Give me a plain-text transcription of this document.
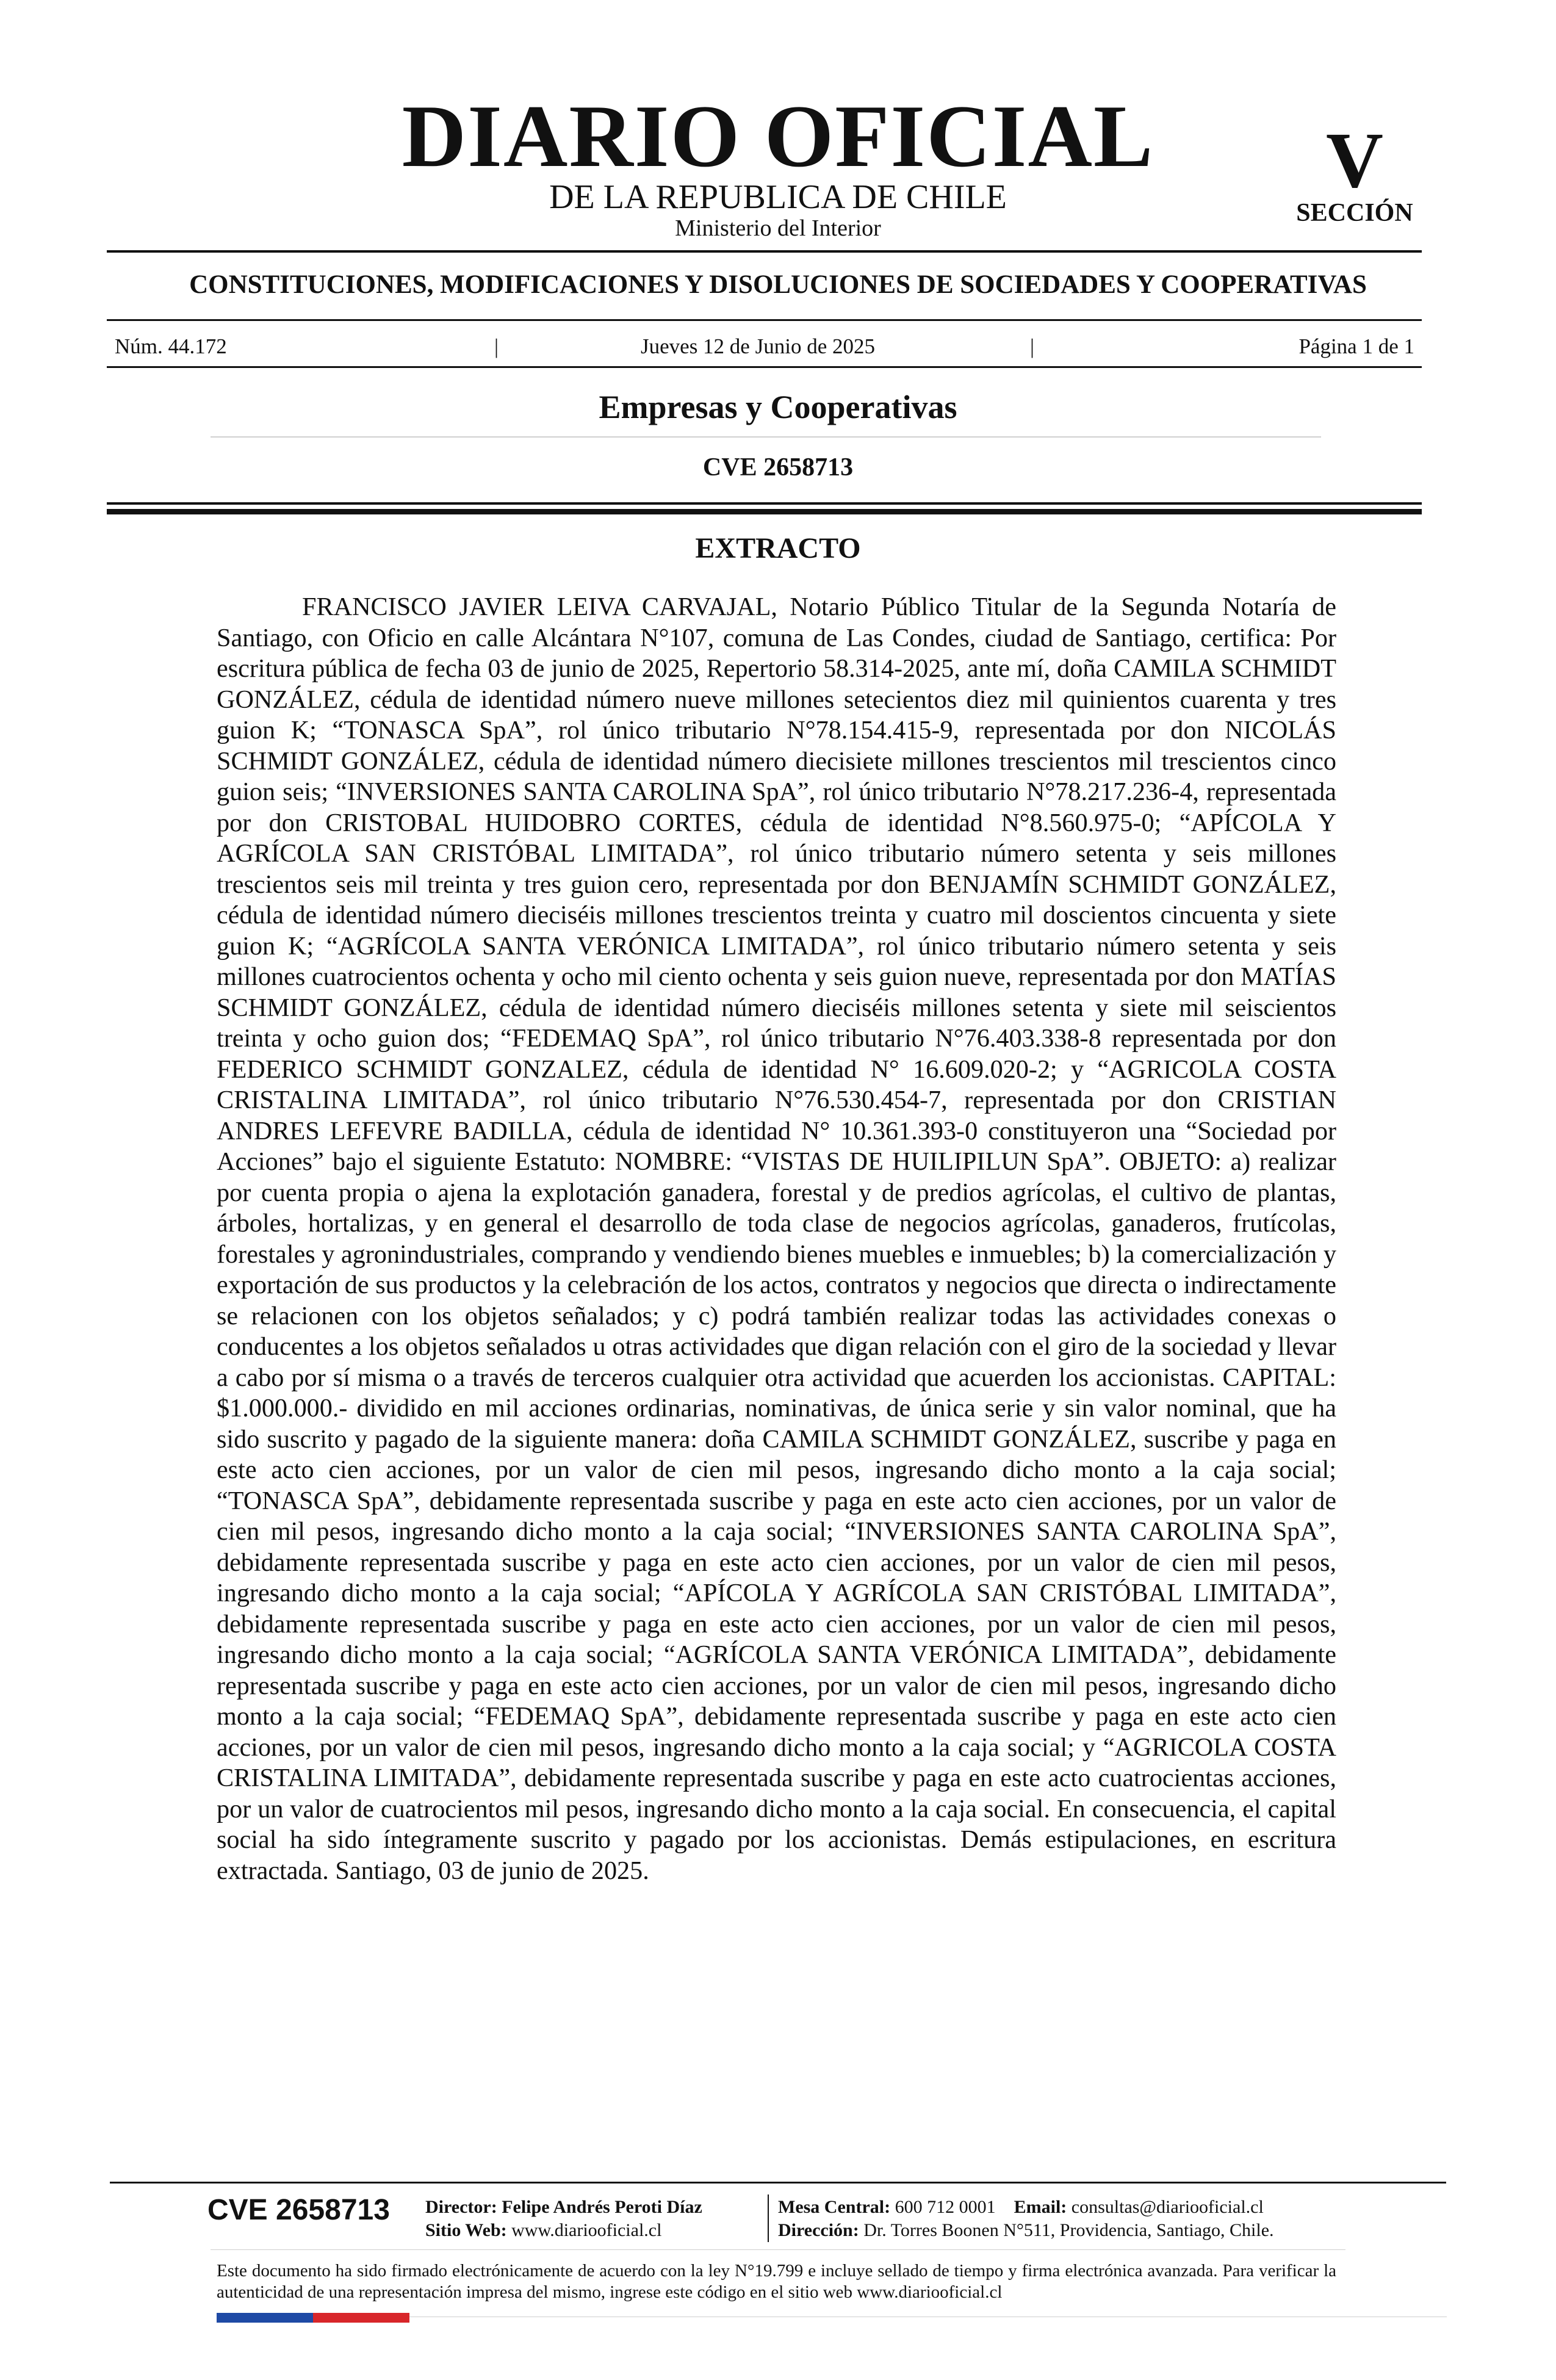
DIARIO OFICIAL
DE LA REPUBLICA DE CHILE
Ministerio del Interior
V
SECCIÓN
CONSTITUCIONES, MODIFICACIONES Y DISOLUCIONES DE SOCIEDADES Y COOPERATIVAS
Núm. 44.172	|	Jueves 12 de Junio de 2025	|	Página 1 de 1
Empresas y Cooperativas
CVE 2658713
EXTRACTO
FRANCISCO JAVIER LEIVA CARVAJAL, Notario Público Titular de la Segunda Notaría de Santiago, con Oficio en calle Alcántara N°107, comuna de Las Condes, ciudad de Santiago, certifica: Por escritura pública de fecha 03 de junio de 2025, Repertorio 58.314-2025, ante mí, doña CAMILA SCHMIDT GONZÁLEZ, cédula de identidad número nueve millones setecientos diez mil quinientos cuarenta y tres guion K; “TONASCA SpA”, rol único tributario N°78.154.415-9, representada por don NICOLÁS SCHMIDT GONZÁLEZ, cédula de identidad número diecisiete millones trescientos mil trescientos cinco guion seis; “INVERSIONES SANTA CAROLINA SpA”, rol único tributario N°78.217.236-4, representada por don CRISTOBAL HUIDOBRO CORTES, cédula de identidad N°8.560.975-0; “APÍCOLA Y AGRÍCOLA SAN CRISTÓBAL LIMITADA”, rol único tributario número setenta y seis millones trescientos seis mil treinta y tres guion cero, representada por don BENJAMÍN SCHMIDT GONZÁLEZ, cédula de identidad número dieciséis millones trescientos treinta y cuatro mil doscientos cincuenta y siete guion K; “AGRÍCOLA SANTA VERÓNICA LIMITADA”, rol único tributario número setenta y seis millones cuatrocientos ochenta y ocho mil ciento ochenta y seis guion nueve, representada por don MATÍAS SCHMIDT GONZÁLEZ, cédula de identidad número dieciséis millones setenta y siete mil seiscientos treinta y ocho guion dos; “FEDEMAQ SpA”, rol único tributario N°76.403.338-8 representada por don FEDERICO SCHMIDT GONZALEZ, cédula de identidad N° 16.609.020-2; y “AGRICOLA COSTA CRISTALINA LIMITADA”, rol único tributario N°76.530.454-7, representada por don CRISTIAN ANDRES LEFEVRE BADILLA, cédula de identidad N° 10.361.393-0 constituyeron una “Sociedad por Acciones” bajo el siguiente Estatuto: NOMBRE: “VISTAS DE HUILIPILUN SpA”. OBJETO: a) realizar por cuenta propia o ajena la explotación ganadera, forestal y de predios agrícolas, el cultivo de plantas, árboles, hortalizas, y en general el desarrollo de toda clase de negocios agrícolas, ganaderos, frutícolas, forestales y agronindustriales, comprando y vendiendo bienes muebles e inmuebles; b) la comercialización y exportación de sus productos y la celebración de los actos, contratos y negocios que directa o indirectamente se relacionen con los objetos señalados; y c) podrá también realizar todas las actividades conexas o conducentes a los objetos señalados u otras actividades que digan relación con el giro de la sociedad y llevar a cabo por sí misma o a través de terceros cualquier otra actividad que acuerden los accionistas. CAPITAL: $1.000.000.- dividido en mil acciones ordinarias, nominativas, de única serie y sin valor nominal, que ha sido suscrito y pagado de la siguiente manera: doña CAMILA SCHMIDT GONZÁLEZ, suscribe y paga en este acto cien acciones, por un valor de cien mil pesos, ingresando dicho monto a la caja social; “TONASCA SpA”, debidamente representada suscribe y paga en este acto cien acciones, por un valor de cien mil pesos, ingresando dicho monto a la caja social; “INVERSIONES SANTA CAROLINA SpA”, debidamente representada suscribe y paga en este acto cien acciones, por un valor de cien mil pesos, ingresando dicho monto a la caja social; “APÍCOLA Y AGRÍCOLA SAN CRISTÓBAL LIMITADA”, debidamente representada suscribe y paga en este acto cien acciones, por un valor de cien mil pesos, ingresando dicho monto a la caja social; “AGRÍCOLA SANTA VERÓNICA LIMITADA”, debidamente representada suscribe y paga en este acto cien acciones, por un valor de cien mil pesos, ingresando dicho monto a la caja social; “FEDEMAQ SpA”, debidamente representada suscribe y paga en este acto cien acciones, por un valor de cien mil pesos, ingresando dicho monto a la caja social; y “AGRICOLA COSTA CRISTALINA LIMITADA”, debidamente representada suscribe y paga en este acto cuatrocientas acciones, por un valor de cuatrocientos mil pesos, ingresando dicho monto a la caja social. En consecuencia, el capital social ha sido íntegramente suscrito y pagado por los accionistas. Demás estipulaciones, en escritura extractada. Santiago, 03 de junio de 2025.
CVE 2658713 Director: Felipe Andrés Peroti Díaz
Sitio Web: www.diariooficial.cl
Mesa Central: 600 712 0001 Email: consultas@diariooficial.cl
Dirección: Dr. Torres Boonen N°511, Providencia, Santiago, Chile.
Este documento ha sido firmado electrónicamente de acuerdo con la ley N°19.799 e incluye sellado de tiempo y firma electrónica avanzada. Para verificar la autenticidad de una representación impresa del mismo, ingrese este código en el sitio web www.diariooficial.cl
